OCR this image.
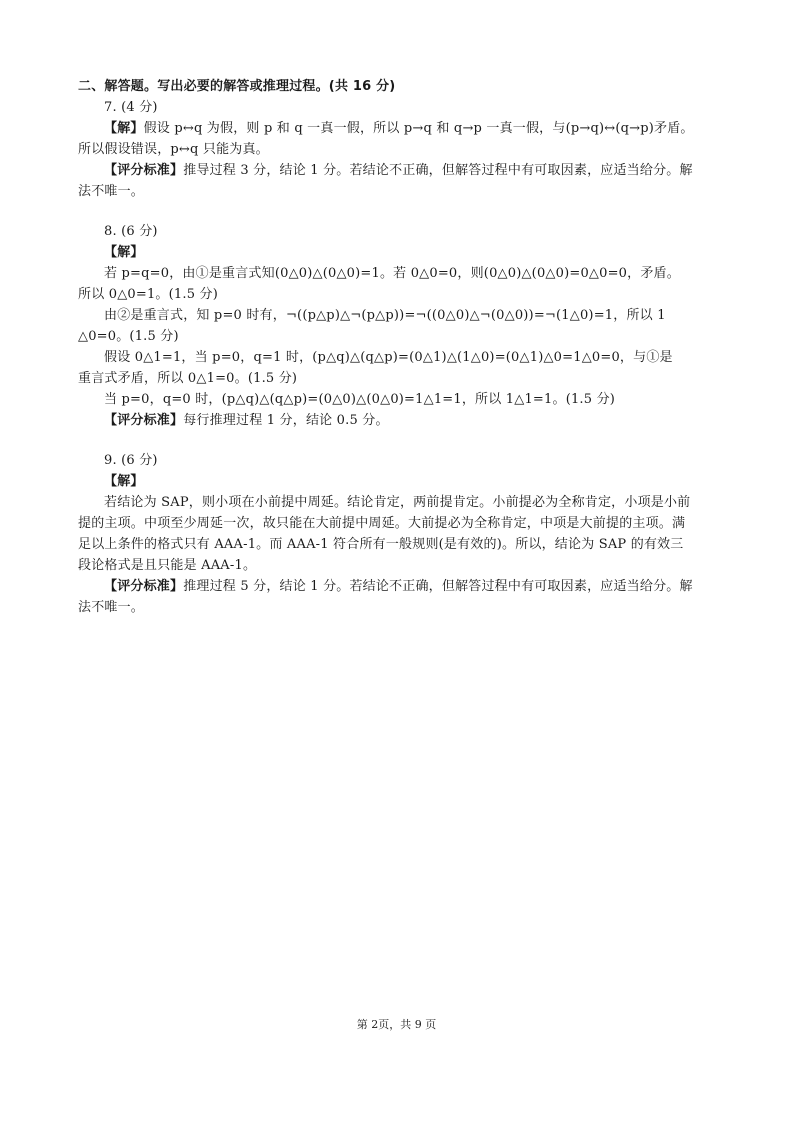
二、解答题。写出必要的解答或推理过程。(共 16 分)
7. (4 分)
【解】假设 p↔q 为假，则 p 和 q 一真一假，所以 p→q 和 q→p 一真一假，与(p→q)↔(q→p)矛盾。
所以假设错误，p↔q 只能为真。
【评分标准】推导过程 3 分，结论 1 分。若结论不正确，但解答过程中有可取因素，应适当给分。解
法不唯一。
8. (6 分)
【解】
若 p=q=0，由①是重言式知(0△0)△(0△0)=1。若 0△0=0，则(0△0)△(0△0)=0△0=0，矛盾。
所以 0△0=1。(1.5 分)
由②是重言式，知 p=0 时有，¬((p△p)△¬(p△p))=¬((0△0)△¬(0△0))=¬(1△0)=1，所以 1
△0=0。(1.5 分)
假设 0△1=1，当 p=0，q=1 时，(p△q)△(q△p)=(0△1)△(1△0)=(0△1)△0=1△0=0，与①是
重言式矛盾，所以 0△1=0。(1.5 分)
当 p=0，q=0 时，(p△q)△(q△p)=(0△0)△(0△0)=1△1=1，所以 1△1=1。(1.5 分)
【评分标准】每行推理过程 1 分，结论 0.5 分。
9. (6 分)
【解】
若结论为 SAP，则小项在小前提中周延。结论肯定，两前提肯定。小前提必为全称肯定，小项是小前
提的主项。中项至少周延一次，故只能在大前提中周延。大前提必为全称肯定，中项是大前提的主项。满
足以上条件的格式只有 AAA-1。而 AAA-1 符合所有一般规则(是有效的)。所以，结论为 SAP 的有效三
段论格式是且只能是 AAA-1。
【评分标准】推理过程 5 分，结论 1 分。若结论不正确，但解答过程中有可取因素，应适当给分。解
法不唯一。
第 2页，共 9 页
